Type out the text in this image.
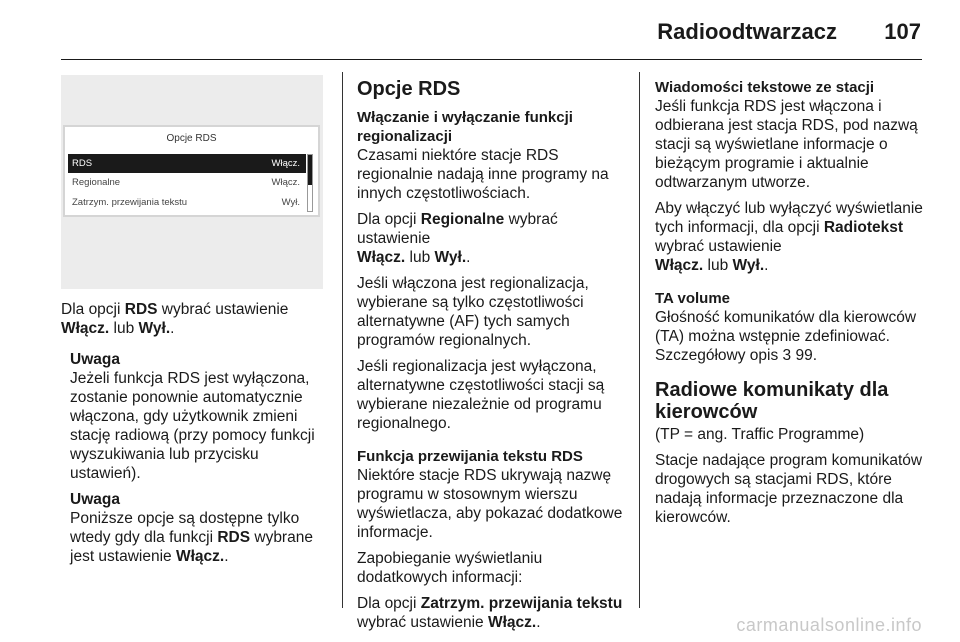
Radioodtwarzacz 107
Opcje RDS
RDS	Włącz.
Regionalne	Włącz.
Zatrzym. przewijania tekstu	Wył.

Dla opcji RDS wybrać ustawienie
Włącz. lub Wył..

Uwaga

Jeżeli funkcja RDS jest wyłączona, zostanie ponownie automatycznie włączona, gdy użytkownik zmieni stację radiową (przy pomocy funkcji wyszukiwania lub przycisku ustawień).

Uwaga

Poniższe opcje są dostępne tylko wtedy gdy dla funkcji RDS wybrane jest ustawienie Włącz..

Opcje RDS
Włączanie i wyłączanie funkcji regionalizacji

Czasami niektóre stacje RDS regionalnie nadają inne programy na innych częstotliwościach.

Dla opcji Regionalne wybrać ustawienie
Włącz. lub Wył..

Jeśli włączona jest regionalizacja, wybierane są tylko częstotliwości alternatywne (AF) tych samych programów regionalnych.

Jeśli regionalizacja jest wyłączona, alternatywne częstotliwości stacji są wybierane niezależnie od programu regionalnego.

Funkcja przewijania tekstu RDS

Niektóre stacje RDS ukrywają nazwę programu w stosownym wierszu wyświetlacza, aby pokazać dodatkowe informacje.

Zapobieganie wyświetlaniu dodatkowych informacji:

Dla opcji Zatrzym. przewijania tekstu
wybrać ustawienie Włącz..

Wiadomości tekstowe ze stacji

Jeśli funkcja RDS jest włączona i odbierana jest stacja RDS, pod nazwą stacji są wyświetlane informacje o bieżącym programie i aktualnie odtwarzanym utworze.

Aby włączyć lub wyłączyć wyświetlanie tych informacji, dla opcji Radiotekst wybrać ustawienie
Włącz. lub Wył..

TA volume

Głośność komunikatów dla kierowców (TA) można wstępnie zdefiniować. Szczegółowy opis 3 99.

Radiowe komunikaty dla kierowców

(TP = ang. Traffic Programme)

Stacje nadające program komunikatów drogowych są stacjami RDS, które nadają informacje przeznaczone dla kierowców.

carmanualsonline.info
